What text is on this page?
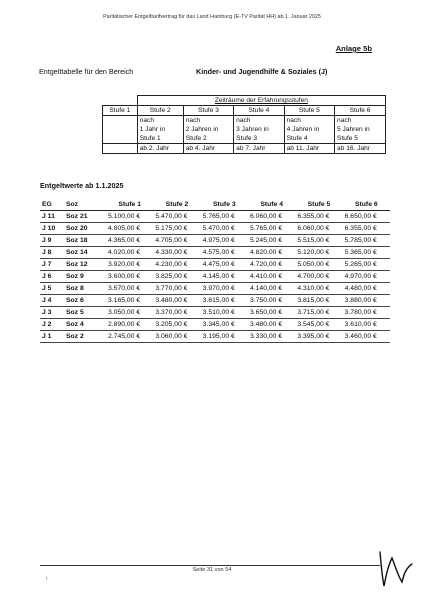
Paritätischer Entgelttarifvertrag für das Land Hamburg (E-TV Parität HH) ab 1. Januar 2025
Anlage 5b
Entgelttabelle für den Bereich	Kinder- und Jugendhilfe & Soziales (J)
	Zeiträume der Erfahrungsstufen				
Stufe 1	Stufe 2	Stufe 3	Stufe 4	Stufe 5	Stufe 6
	nach	nach	nach	nach	nach
	1 Jahr in	2 Jahren in	3 Jahren in	4 Jahren in	5 Jahren in
	Stufe 1	Stufe 2	Stufe 3	Stufe 4	Stufe 5
	ab 2. Jahr	ab 4. Jahr	ab 7. Jahr	ab 11. Jahr	ab 16. Jahr
Entgeltwerte ab 1.1.2025
EG	Soz	Stufe 1	Stufe 2	Stufe 3	Stufe 4	Stufe 5	Stufe 6
J 11	Soz 21	5.100,00 €	5.470,00 €	5.765,00 €	6.060,00 €	6.355,00 €	6.650,00 €
J 10	Soz 20	4.805,00 €	5.175,00 €	5.470,00 €	5.765,00 €	6.060,00 €	6.355,00 €
J 9	Soz 18	4.365,00 €	4.705,00 €	4.975,00 €	5.245,00 €	5.515,00 €	5.785,00 €
J 8	Soz 14	4.020,00 €	4.330,00 €	4.575,00 €	4.820,00 €	5.120,00 €	5.365,00 €
J 7	Soz 12	3.920,00 €	4.230,00 €	4.475,00 €	4.720,00 €	5.050,00 €	5.265,00 €
J 6	Soz 9	3.600,00 €	3.825,00 €	4.145,00 €	4.410,00 €	4.700,00 €	4.970,00 €
J 5	Soz 8	3.570,00 €	3.770,00 €	3.970,00 €	4.140,00 €	4.310,00 €	4.480,00 €
J 4	Soz 6	3.165,00 €	3.480,00 €	3.615,00 €	3.750,00 €	3.815,00 €	3.880,00 €
J 3	Soz 5	3.050,00 €	3.370,00 €	3.510,00 €	3.650,00 €	3.715,00 €	3.780,00 €
J 2	Soz 4	2.890,00 €	3.205,00 €	3.345,00 €	3.480,00 €	3.545,00 €	3.610,00 €
J 1	Soz 2	2.745,00 €	3.060,00 €	3.195,00 €	3.330,00 €	3.395,00 €	3.460,00 €
ı
Seite 31 von 54
